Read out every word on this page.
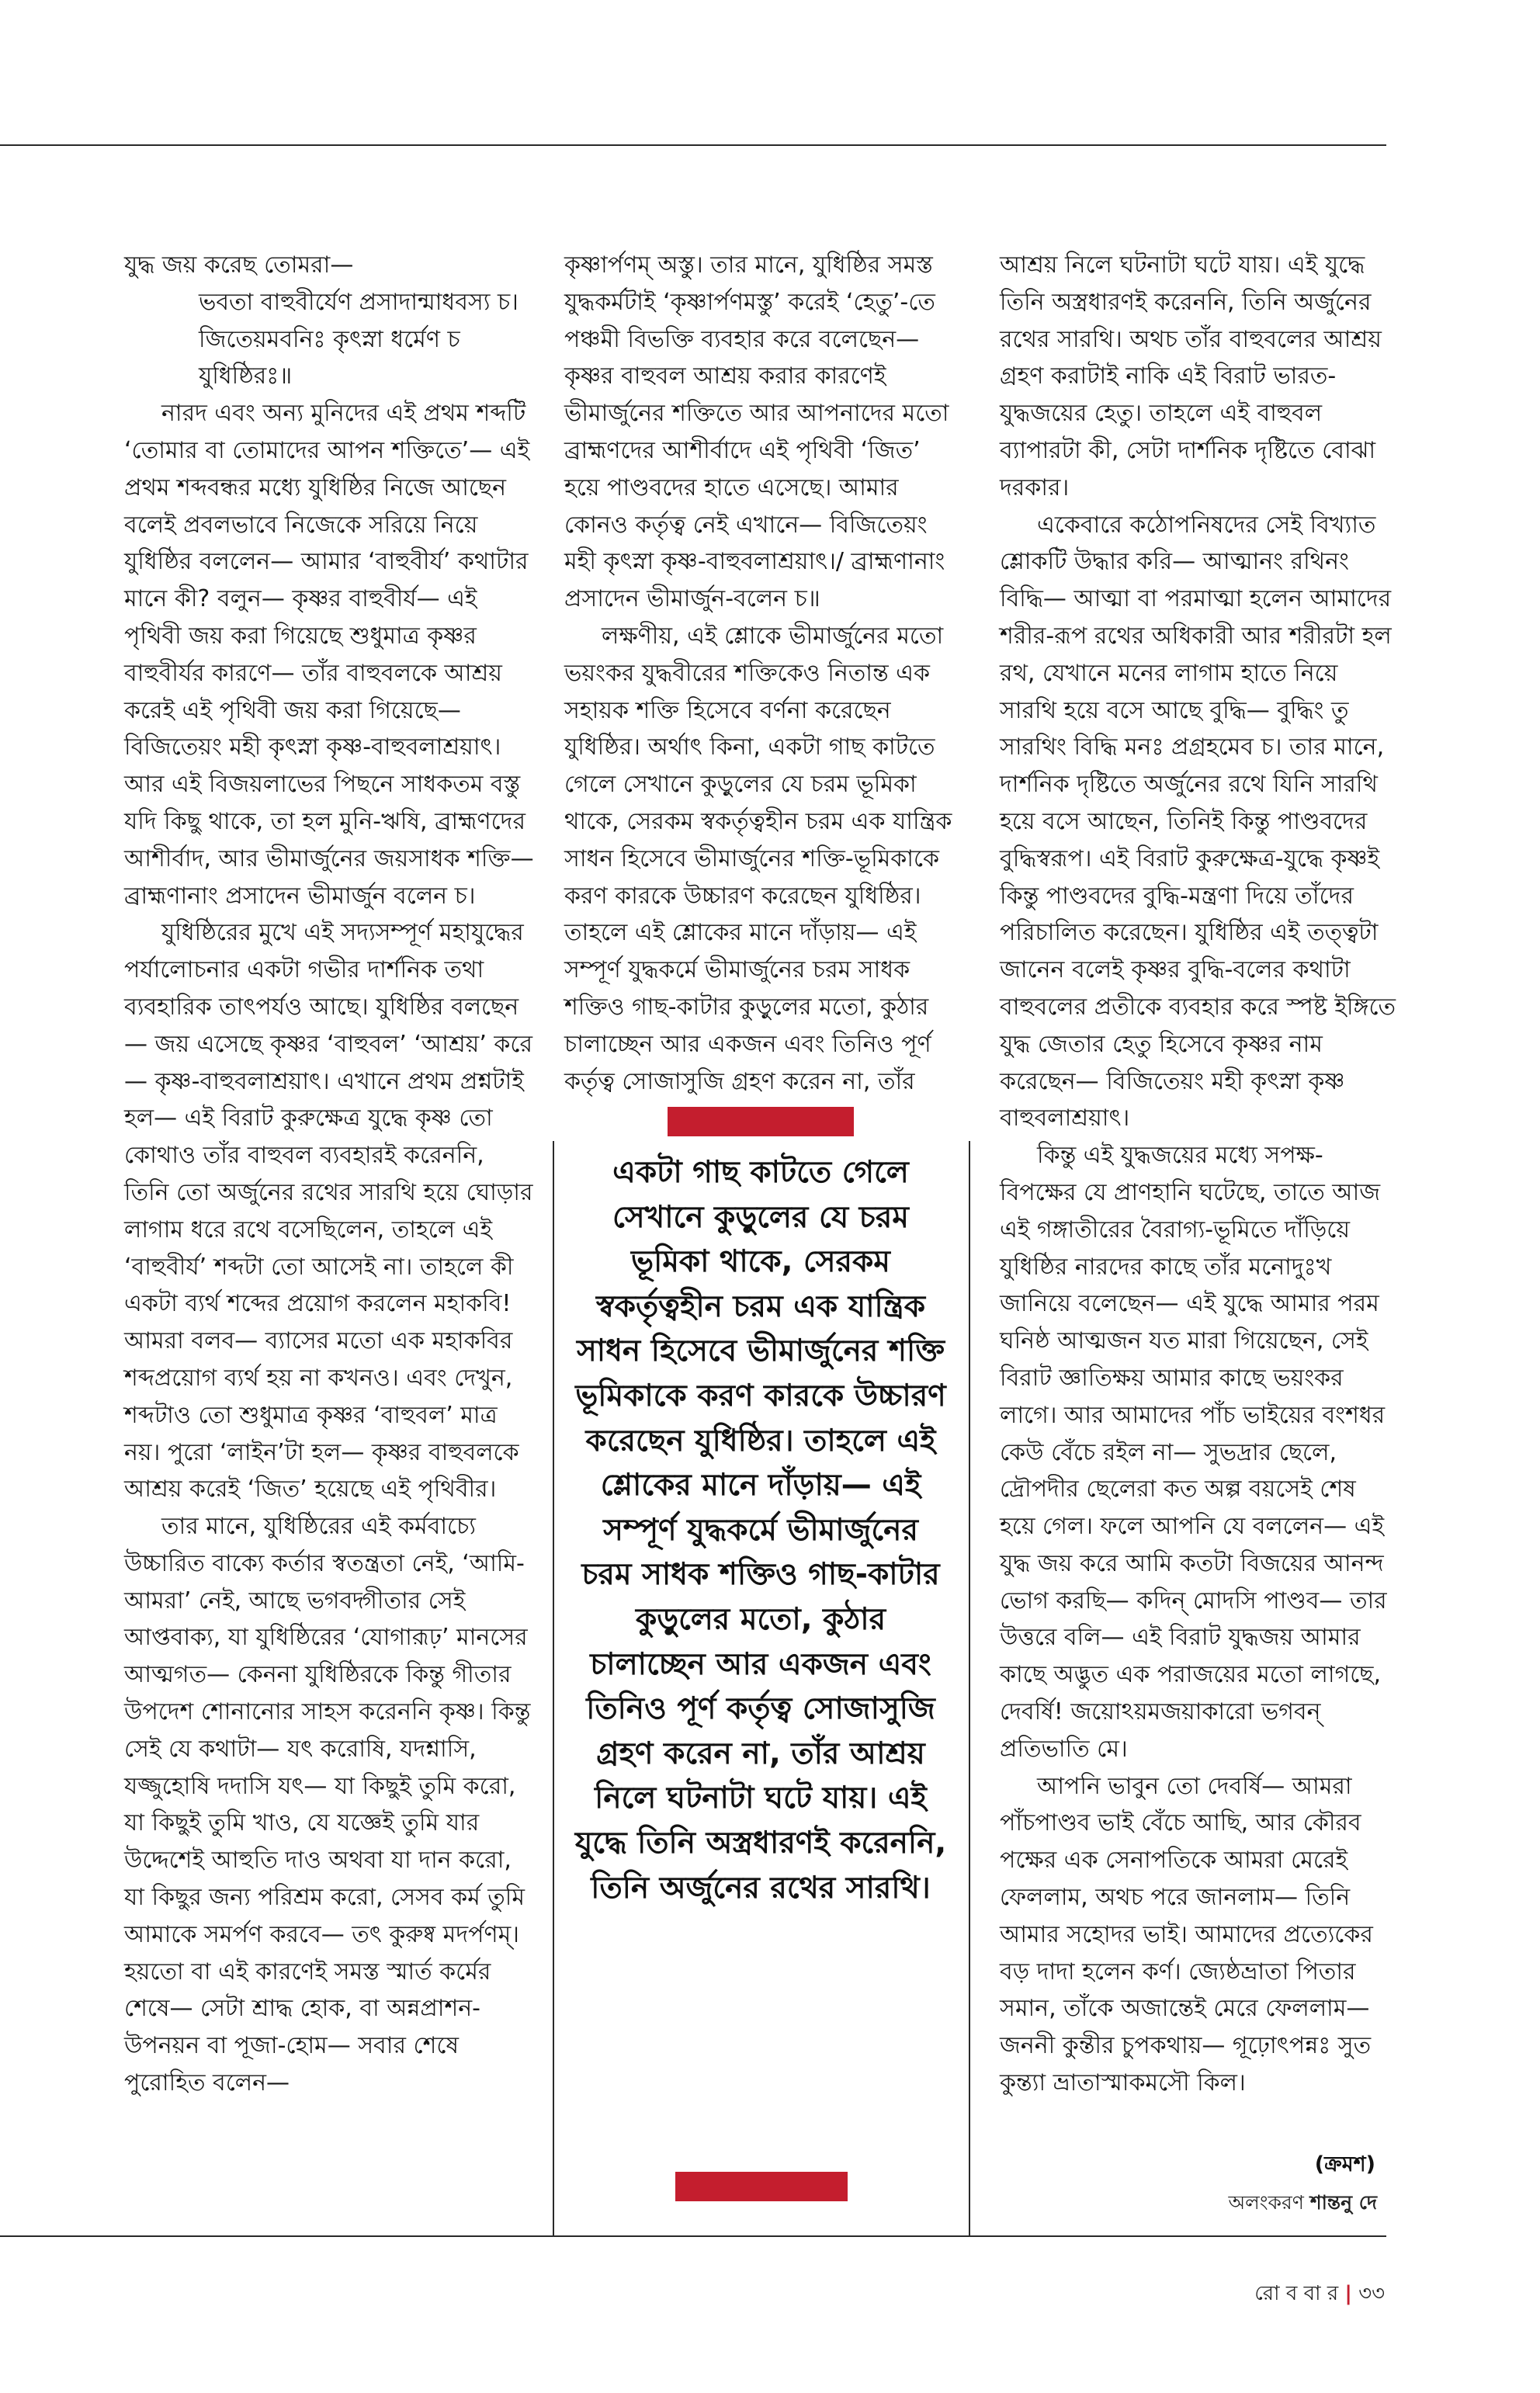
যুদ্ধ জয় করেছ তোমরা—

ভবতা বাহুবীর্যেণ প্রসাদান্মাধবস্য চ।

জিতেয়মবনিঃ কৃৎস্না ধর্মেণ চ যুধিষ্ঠিরঃ॥

নারদ এবং অন্য মুনিদের এই প্রথম শব্দটি ‘তোমার বা তোমাদের আপন শক্তিতে’— এই প্রথম শব্দবন্ধর মধ্যে যুধিষ্ঠির নিজে আছেন বলেই প্রবলভাবে নিজেকে সরিয়ে নিয়ে যুধিষ্ঠির বললেন— আমার ‘বাহুবীর্য’ কথাটার মানে কী? বলুন— কৃষ্ণর বাহুবীর্য— এই পৃথিবী জয় করা গিয়েছে শুধুমাত্র কৃষ্ণর বাহুবীর্যর কারণে— তাঁর বাহুবলকে আশ্রয় করেই এই পৃথিবী জয় করা গিয়েছে— বিজিতেয়ং মহী কৃৎস্না কৃষ্ণ-বাহুবলাশ্রয়াৎ। আর এই বিজয়লাভের পিছনে সাধকতম বস্তু যদি কিছু থাকে, তা হল মুনি-ঋষি, ব্রাহ্মণদের আশীর্বাদ, আর ভীমার্জুনের জয়সাধক শক্তি— ব্রাহ্মণানাং প্রসাদেন ভীমার্জুন বলেন চ।

যুধিষ্ঠিরের মুখে এই সদ্যসম্পূর্ণ মহাযুদ্ধের পর্যালোচনার একটা গভীর দার্শনিক তথা ব্যবহারিক তাৎপর্যও আছে। যুধিষ্ঠির বলছেন— জয় এসেছে কৃষ্ণর ‘বাহুবল’ ‘আশ্রয়’ করে— কৃষ্ণ-বাহুবলাশ্রয়াৎ। এখানে প্রথম প্রশ্নটাই হল— এই বিরাট কুরুক্ষেত্র যুদ্ধে কৃষ্ণ তো কোথাও তাঁর বাহুবল ব্যবহারই করেননি, তিনি তো অর্জুনের রথের সারথি হয়ে ঘোড়ার লাগাম ধরে রথে বসেছিলেন, তাহলে এই ‘বাহুবীর্য’ শব্দটা তো আসেই না। তাহলে কী একটা ব্যর্থ শব্দের প্রয়োগ করলেন মহাকবি! আমরা বলব— ব্যাসের মতো এক মহাকবির শব্দপ্রয়োগ ব্যর্থ হয় না কখনও। এবং দেখুন, শব্দটাও তো শুধুমাত্র কৃষ্ণর ‘বাহুবল’ মাত্র নয়। পুরো ‘লাইন’টা হল— কৃষ্ণর বাহুবলকে আশ্রয় করেই ‘জিত’ হয়েছে এই পৃথিবীর।

তার মানে, যুধিষ্ঠিরের এই কর্মবাচ্যে উচ্চারিত বাক্যে কর্তার স্বতন্ত্রতা নেই, ‘আমি-আমরা’ নেই, আছে ভগবদ্গীতার সেই আপ্তবাক্য, যা যুধিষ্ঠিরের ‘যোগারূঢ়’ মানসের আত্মগত— কেননা যুধিষ্ঠিরকে কিন্তু গীতার উপদেশ শোনানোর সাহস করেননি কৃষ্ণ। কিন্তু সেই যে কথাটা— যৎ করোষি, যদশ্নাসি, যজ্জুহোষি দদাসি যৎ— যা কিছুই তুমি করো, যা কিছুই তুমি খাও, যে যজ্ঞেই তুমি যার উদ্দেশেই আহুতি দাও অথবা যা দান করো, যা কিছুর জন্য পরিশ্রম করো, সেসব কর্ম তুমি আমাকে সমর্পণ করবে— তৎ কুরুষ্ব মদর্পণম্‌। হয়তো বা এই কারণেই সমস্ত স্মার্ত কর্মের শেষে— সেটা শ্রাদ্ধ হোক, বা অন্নপ্রাশন-উপনয়ন বা পূজা-হোম— সবার শেষে পুরোহিত বলেন—

কৃষ্ণার্পণম্‌ অস্তু। তার মানে, যুধিষ্ঠির সমস্ত যুদ্ধকর্মটাই ‘কৃষ্ণার্পণমস্তু’ করেই ‘হেতু’-তে পঞ্চমী বিভক্তি ব্যবহার করে বলেছেন— কৃষ্ণর বাহুবল আশ্রয় করার কারণেই ভীমার্জুনের শক্তিতে আর আপনাদের মতো ব্রাহ্মণদের আশীর্বাদে এই পৃথিবী ‘জিত’ হয়ে পাণ্ডবদের হাতে এসেছে। আমার কোনও কর্তৃত্ব নেই এখানে— বিজিতেয়ং মহী কৃৎস্না কৃষ্ণ-বাহুবলাশ্রয়াৎ।/ ব্রাহ্মণানাং প্রসাদেন ভীমার্জুন-বলেন চ॥

লক্ষণীয়, এই শ্লোকে ভীমার্জুনের মতো ভয়ংকর যুদ্ধবীরের শক্তিকেও নিতান্ত এক সহায়ক শক্তি হিসেবে বর্ণনা করেছেন যুধিষ্ঠির। অর্থাৎ কিনা, একটা গাছ কাটতে গেলে সেখানে কুড়ুলের যে চরম ভূমিকা থাকে, সেরকম স্বকর্তৃত্বহীন চরম এক যান্ত্রিক সাধন হিসেবে ভীমার্জুনের শক্তি-ভূমিকাকে করণ কারকে উচ্চারণ করেছেন যুধিষ্ঠির। তাহলে এই শ্লোকের মানে দাঁড়ায়— এই সম্পূর্ণ যুদ্ধকর্মে ভীমার্জুনের চরম সাধক শক্তিও গাছ-কাটার কুড়ুলের মতো, কুঠার চালাচ্ছেন আর একজন এবং তিনিও পূর্ণ কর্তৃত্ব সোজাসুজি গ্রহণ করেন না, তাঁর

একটা গাছ কাটতে গেলে সেখানে কুড়ুলের যে চরম ভূমিকা থাকে, সেরকম স্বকর্তৃত্বহীন চরম এক যান্ত্রিক সাধন হিসেবে ভীমার্জুনের শক্তি ভূমিকাকে করণ কারকে উচ্চারণ করেছেন যুধিষ্ঠির। তাহলে এই শ্লোকের মানে দাঁড়ায়— এই সম্পূর্ণ যুদ্ধকর্মে ভীমার্জুনের চরম সাধক শক্তিও গাছ-কাটার কুড়ুলের মতো, কুঠার চালাচ্ছেন আর একজন এবং তিনিও পূর্ণ কর্তৃত্ব সোজাসুজি গ্রহণ করেন না, তাঁর আশ্রয় নিলে ঘটনাটা ঘটে যায়। এই যুদ্ধে তিনি অস্ত্রধারণই করেননি, তিনি অর্জুনের রথের সারথি।

আশ্রয় নিলে ঘটনাটা ঘটে যায়। এই যুদ্ধে তিনি অস্ত্রধারণই করেননি, তিনি অর্জুনের রথের সারথি। অথচ তাঁর বাহুবলের আশ্রয় গ্রহণ করাটাই নাকি এই বিরাট ভারত-যুদ্ধজয়ের হেতু। তাহলে এই বাহুবল ব্যাপারটা কী, সেটা দার্শনিক দৃষ্টিতে বোঝা দরকার।

একেবারে কঠোপনিষদের সেই বিখ্যাত শ্লোকটি উদ্ধার করি— আত্মানং রথিনং বিদ্ধি— আত্মা বা পরমাত্মা হলেন আমাদের শরীর-রূপ রথের অধিকারী আর শরীরটা হল রথ, যেখানে মনের লাগাম হাতে নিয়ে সারথি হয়ে বসে আছে বুদ্ধি— বুদ্ধিং তু সারথিং বিদ্ধি মনঃ প্রগ্রহমেব চ। তার মানে, দার্শনিক দৃষ্টিতে অর্জুনের রথে যিনি সারথি হয়ে বসে আছেন, তিনিই কিন্তু পাণ্ডবদের বুদ্ধিস্বরূপ। এই বিরাট কুরুক্ষেত্র-যুদ্ধে কৃষ্ণই কিন্তু পাণ্ডবদের বুদ্ধি-মন্ত্রণা দিয়ে তাঁদের পরিচালিত করেছেন। যুধিষ্ঠির এই তত্ত্বটা জানেন বলেই কৃষ্ণর বুদ্ধি-বলের কথাটা বাহুবলের প্রতীকে ব্যবহার করে স্পষ্ট ইঙ্গিতে যুদ্ধ জেতার হেতু হিসেবে কৃষ্ণর নাম করেছেন— বিজিতেয়ং মহী কৃৎস্না কৃষ্ণ বাহুবলাশ্রয়াৎ।

কিন্তু এই যুদ্ধজয়ের মধ্যে সপক্ষ-বিপক্ষের যে প্রাণহানি ঘটেছে, তাতে আজ এই গঙ্গাতীরের বৈরাগ্য-ভূমিতে দাঁড়িয়ে যুধিষ্ঠির নারদের কাছে তাঁর মনোদুঃখ জানিয়ে বলেছেন— এই যুদ্ধে আমার পরম ঘনিষ্ঠ আত্মজন যত মারা গিয়েছেন, সেই বিরাট জ্ঞাতিক্ষয় আমার কাছে ভয়ংকর লাগে। আর আমাদের পাঁচ ভাইয়ের বংশধর কেউ বেঁচে রইল না— সুভদ্রার ছেলে, দ্রৌপদীর ছেলেরা কত অল্প বয়সেই শেষ হয়ে গেল। ফলে আপনি যে বললেন— এই যুদ্ধ জয় করে আমি কতটা বিজয়ের আনন্দ ভোগ করছি— কদিন্‌ মোদসি পাণ্ডব— তার উত্তরে বলি— এই বিরাট যুদ্ধজয় আমার কাছে অদ্ভুত এক পরাজয়ের মতো লাগছে, দেবর্ষি! জয়োঽয়মজয়াকারো ভগবন্‌ প্রতিভাতি মে।

আপনি ভাবুন তো দেবর্ষি— আমরা পাঁচপাণ্ডব ভাই বেঁচে আছি, আর কৌরব পক্ষের এক সেনাপতিকে আমরা মেরেই ফেললাম, অথচ পরে জানলাম— তিনি আমার সহোদর ভাই। আমাদের প্রত্যেকের বড় দাদা হলেন কর্ণ। জ্যেষ্ঠভ্রাতা পিতার সমান, তাঁকে অজান্তেই মেরে ফেললাম— জননী কুন্তীর চুপকথায়— গূঢ়োৎপন্নঃ সুত কুন্ত্যা ভ্রাতাস্মাকমসৌ কিল।

(ক্রমশ)
অলংকরণ শান্তনু দে
রো ব বা র | ৩৩
